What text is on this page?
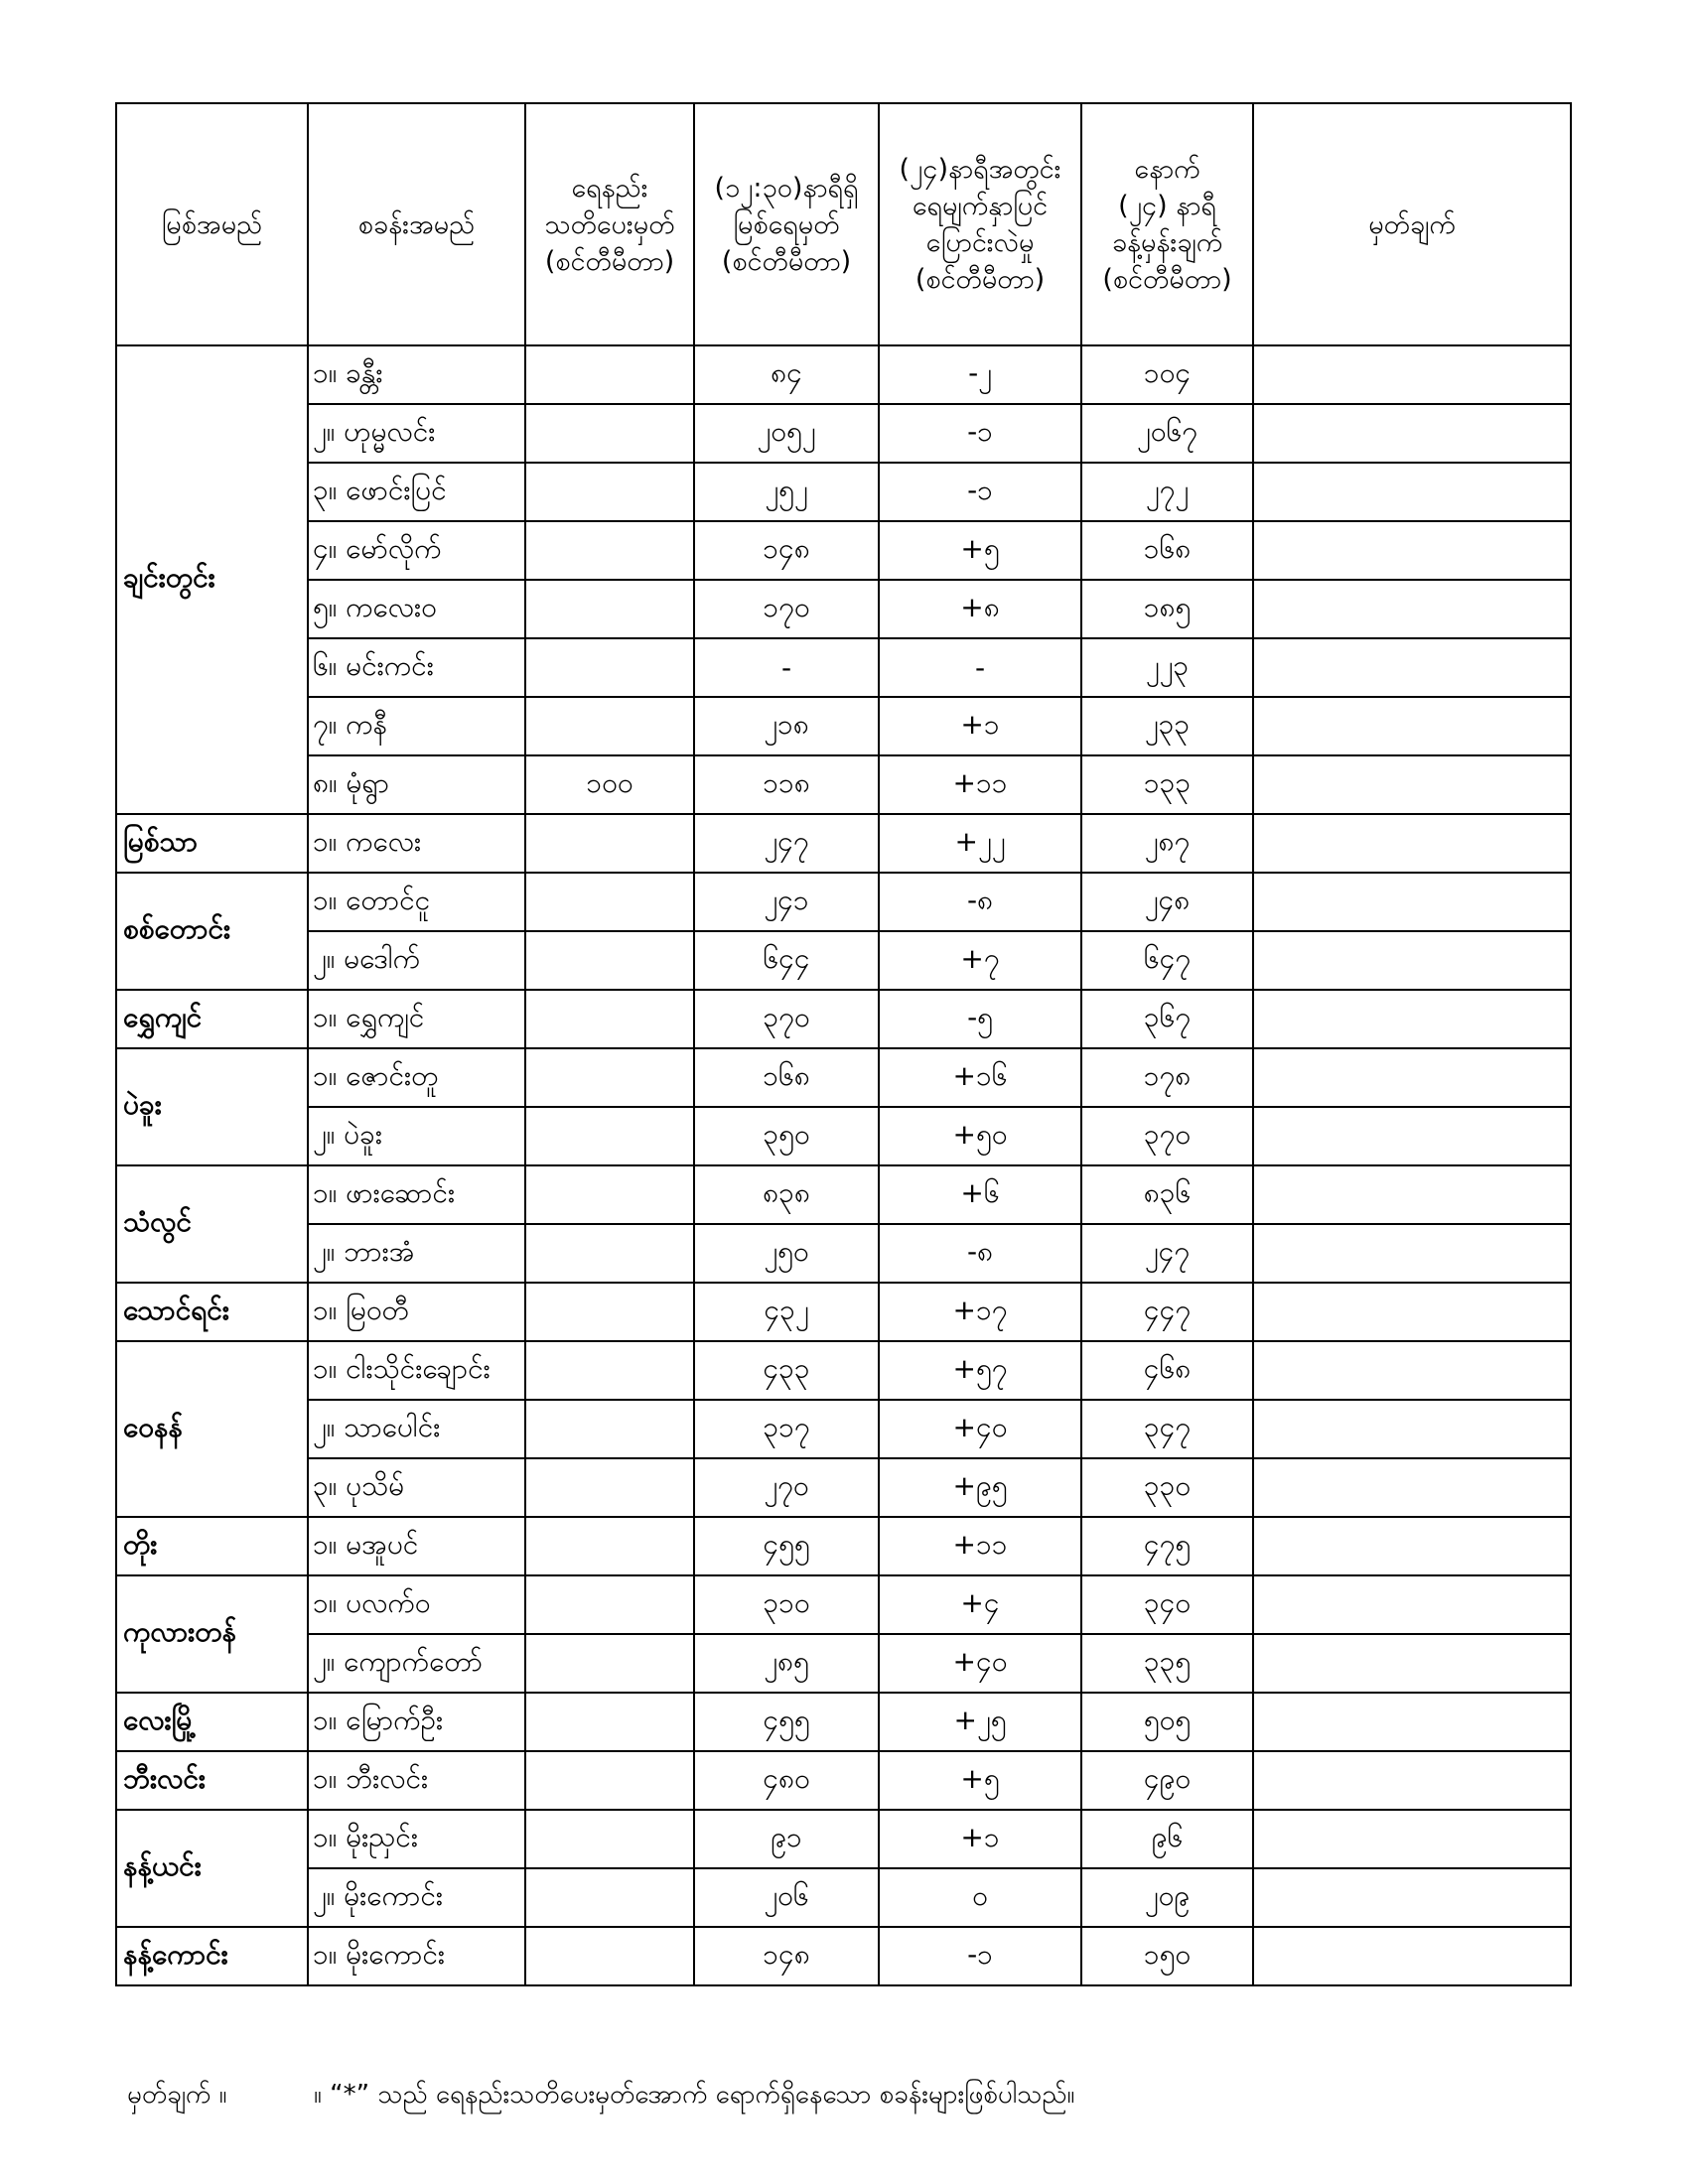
မြစ်အမည်	စခန်းအမည်	ရေနည်း
သတိပေးမှတ်
(စင်တီမီတာ)	(၁၂:၃၀)နာရီရှိ
မြစ်ရေမှတ်
(စင်တီမီတာ)	(၂၄)နာရီအတွင်း
ရေမျက်နှာပြင်
ပြောင်းလဲမှု
(စင်တီမီတာ)	နောက်
(၂၄) နာရီ
ခန့်မှန်းချက်
(စင်တီမီတာ)	မှတ်ချက်
ချင်းတွင်း	၁။ ခန္တီး		၈၄	-၂	၁၀၄	
	၂။ ဟုမ္မလင်း		၂၀၅၂	-၁	၂၀၆၇	
	၃။ ဖောင်းပြင်		၂၅၂	-၁	၂၇၂	
	၄။ မော်လိုက်		၁၄၈	+၅	၁၆၈	
	၅။ ကလေးဝ		၁၇၀	+၈	၁၈၅	
	၆။ မင်းကင်း		-	-	၂၂၃	
	၇။ ကနီ		၂၁၈	+၁	၂၃၃	
	၈။ မုံရွာ	၁၀၀	၁၁၈	+၁၁	၁၃၃	
မြစ်သာ	၁။ ကလေး		၂၄၇	+၂၂	၂၈၇	
စစ်တောင်း	၁။ တောင်ငူ		၂၄၁	-၈	၂၄၈	
	၂။ မဒေါက်		၆၄၄	+၇	၆၄၇	
ရွှေကျင်	၁။ ရွှေကျင်		၃၇၀	-၅	၃၆၇	
ပဲခူး	၁။ ဇောင်းတူ		၁၆၈	+၁၆	၁၇၈	
	၂။ ပဲခူး		၃၅၀	+၅၀	၃၇၀	
သံလွင်	၁။ ဖားဆောင်း		၈၃၈	+၆	၈၃၆	
	၂။ ဘားအံ		၂၅၀	-၈	၂၄၇	
သောင်ရင်း	၁။ မြဝတီ		၄၃၂	+၁၇	၄၄၇	
ဝေနန်	၁။ ငါးသိုင်းချောင်း		၄၃၃	+၅၇	၄၆၈	
	၂။ သာပေါင်း		၃၁၇	+၄၀	၃၄၇	
	၃။ ပုသိမ်		၂၇၀	+၉၅	၃၃၀	
တိုး	၁။ မအူပင်		၄၅၅	+၁၁	၄၇၅	
ကုလားတန်	၁။ ပလက်ဝ		၃၁၀	+၄	၃၄၀	
	၂။ ကျောက်တော်		၂၈၅	+၄၀	၃၃၅	
လေးမြို့	၁။ မြောက်ဦး		၄၅၅	+၂၅	၅၀၅	
ဘီးလင်း	၁။ ဘီးလင်း		၄၈၀	+၅	၄၉၀	
နန့်ယင်း	၁။ မိုးညှင်း		၉၁	+၁	၉၆	
	၂။ မိုးကောင်း		၂၀၆	၀	၂၀၉	
နန့်ကောင်း	၁။ မိုးကောင်း		၁၄၈	-၁	၁၅၀	
မှတ်ချက် ။	။ “*” သည် ရေနည်းသတိပေးမှတ်အောက် ရောက်ရှိနေသော စခန်းများဖြစ်ပါသည်။
